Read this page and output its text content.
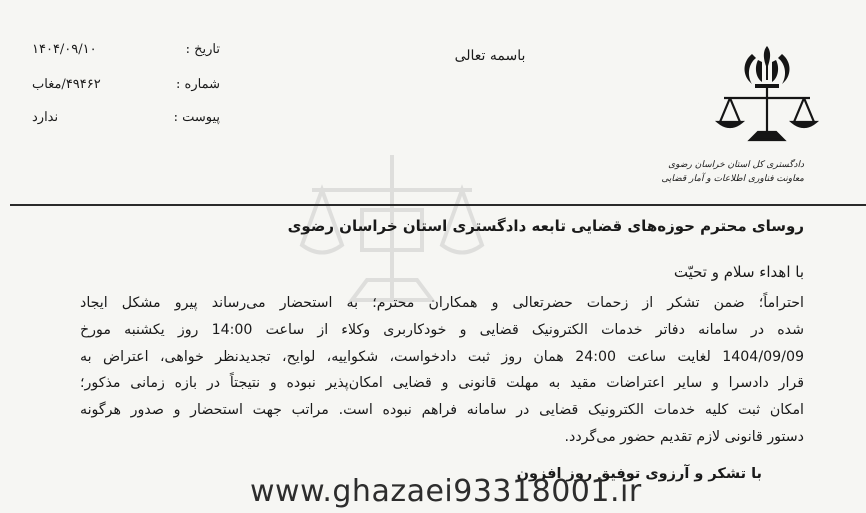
دادگستری کل استان خراسان رضوی
معاونت فناوری اطلاعات و آمار قضایی
باسمه تعالی
تاریخ :
۱۴۰۴/۰۹/۱۰
شماره :
۴۹۴۶۲/مغاب
پیوست :
ندارد
روسای محترم حوزه‌های قضایی تابعه دادگستری استان خراسان رضوی
با اهداء سلام و تحیّت
احتراماً؛ ضمن تشکر از زحمات حضرتعالی و همکاران محترم؛ به استحضار می‌رساند پیرو مشکل ایجاد
شده در سامانه دفاتر خدمات الکترونیک قضایی و خودکاربری وکلاء از ساعت 14:00 روز یکشنبه مورخ
1404/09/09 لغایت ساعت 24:00 همان روز ثبت دادخواست، شکواییه، لوایح، تجدیدنظر خواهی، اعتراض به
قرار دادسرا و سایر اعتراضات مقید به مهلت قانونی و قضایی امکان‌پذیر نبوده و نتیجتاً در بازه زمانی مذکور؛
امکان ثبت کلیه خدمات الکترونیک قضایی در سامانه فراهم نبوده است. مراتب جهت استحضار و صدور هرگونه
دستور قانونی لازم تقدیم حضور می‌گردد.
با تشکر و آرزوی توفیق روز افزون
www.ghazaei93318001.ir
